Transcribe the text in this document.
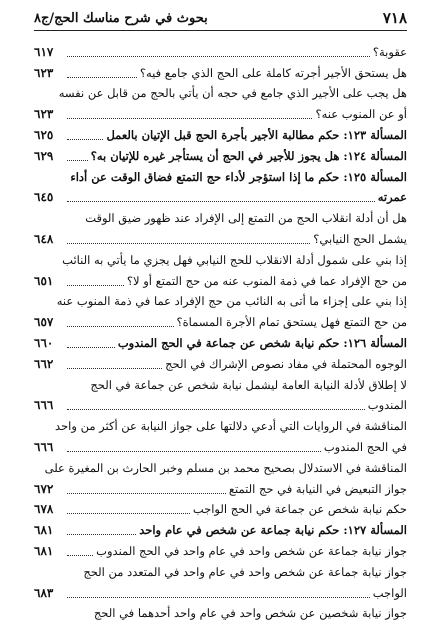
٧١٨
بحوث في شرح مناسك الحج/ج٨
عقوبة؟
٦١٧
هل يستحق الأجير أجرته كاملة على الحج الذي جامع فيه؟
٦٢٣
هل يجب على الأجير الذي جامع في حجه أن يأتي بالحج من قابل عن نفسه
أو عن المنوب عنه؟
٦٢٣
المسألة ١٢٣: حكم مطالبة الأجير بأجرة الحج قبل الإتيان بالعمل
٦٢٥
المسألة ١٢٤: هل يجوز للأجير في الحج أن يستأجر غيره للإتيان به؟
٦٢٩
المسألة ١٢٥: حكم ما إذا استؤجر لأداء حج التمتع فضاق الوقت عن أداء
عمرته
٦٤٥
هل أن أدلة انقلاب الحج من التمتع إلى الإفراد عند ظهور ضيق الوقت
يشمل الحج النيابي؟
٦٤٨
إذا بني على شمول أدلة الانقلاب للحج النيابي فهل يجزي ما يأتي به النائب
من حج الإفراد عما في ذمة المنوب عنه من حج التمتع أو لا؟
٦٥١
إذا بني على إجزاء ما أتى به النائب من حج الإفراد عما في ذمة المنوب عنه
من حج التمتع فهل يستحق تمام الأجرة المسماة؟
٦٥٧
المسألة ١٢٦: حكم نيابة شخص عن جماعة في الحج المندوب
٦٦٠
الوجوه المحتملة في مفاد نصوص الإشراك في الحج
٦٦٢
لا إطلاق لأدلة النيابة العامة ليشمل نيابة شخص عن جماعة في الحج
المندوب
٦٦٦
المناقشة في الروايات التي أدعي دلالتها على جواز النيابة عن أكثر من واحد
في الحج المندوب
٦٦٦
المناقشة في الاستدلال بصحيح محمد بن مسلم وخبر الحارث بن المغيرة على
جواز التبعيض في النيابة في حج التمتع
٦٧٢
حكم نيابة شخص عن جماعة في الحج الواجب
٦٧٨
المسألة ١٢٧: حكم نيابة جماعة عن شخص في عام واحد
٦٨١
جواز نيابة جماعة عن شخص واحد في عام واحد في الحج المندوب
٦٨١
جواز نيابة جماعة عن شخص واحد في عام واحد في المتعدد من الحج
الواجب
٦٨٣
جواز نيابة شخصين عن شخص واحد في عام واحد أحدهما في الحج
